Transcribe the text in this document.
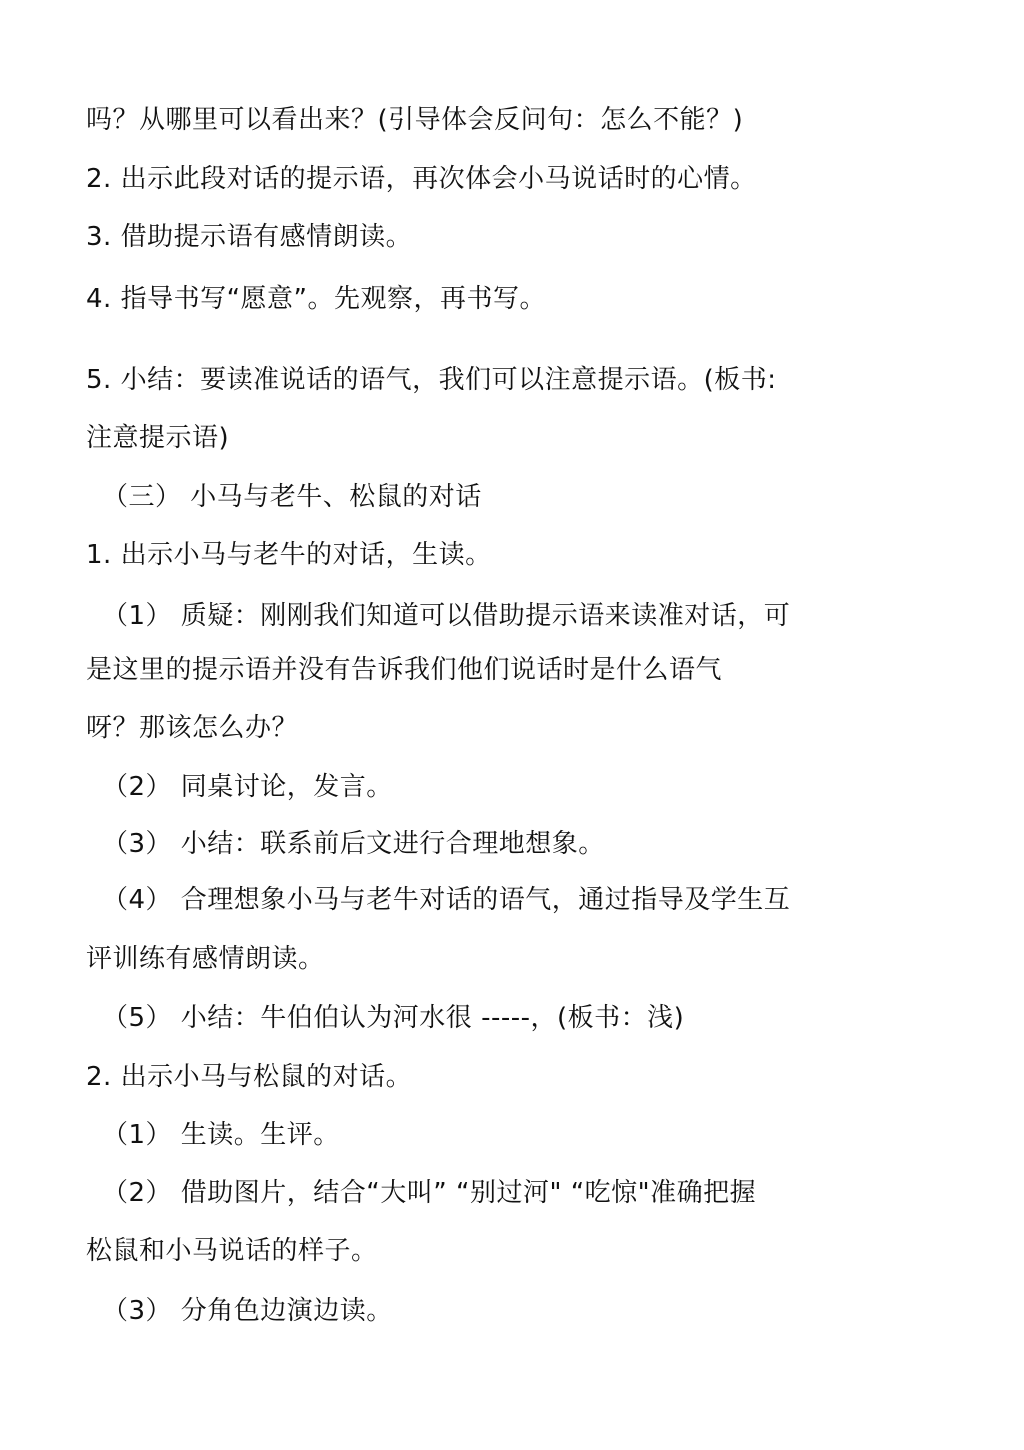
吗？从哪里可以看出来？(引导体会反问句：怎么不能？)

2. 出示此段对话的提示语，再次体会小马说话时的心情。

3. 借助提示语有感情朗读。

4. 指导书写“愿意”。先观察，再书写。

5. 小结：要读准说话的语气，我们可以注意提示语。(板书:

注意提示语)

（三） 小马与老牛、松鼠的对话

1. 出示小马与老牛的对话，生读。

（1） 质疑：刚刚我们知道可以借助提示语来读准对话，可

是这里的提示语并没有告诉我们他们说话时是什么语气

呀？那该怎么办？

（2） 同桌讨论，发言。

（3） 小结：联系前后文进行合理地想象。

（4） 合理想象小马与老牛对话的语气，通过指导及学生互

评训练有感情朗读。

（5） 小结：牛伯伯认为河水很 -----，(板书：浅)

2. 出示小马与松鼠的对话。

（1） 生读。生评。

（2） 借助图片，结合“大叫” “别过河" “吃惊"准确把握

松鼠和小马说话的样子。

（3） 分角色边演边读。
